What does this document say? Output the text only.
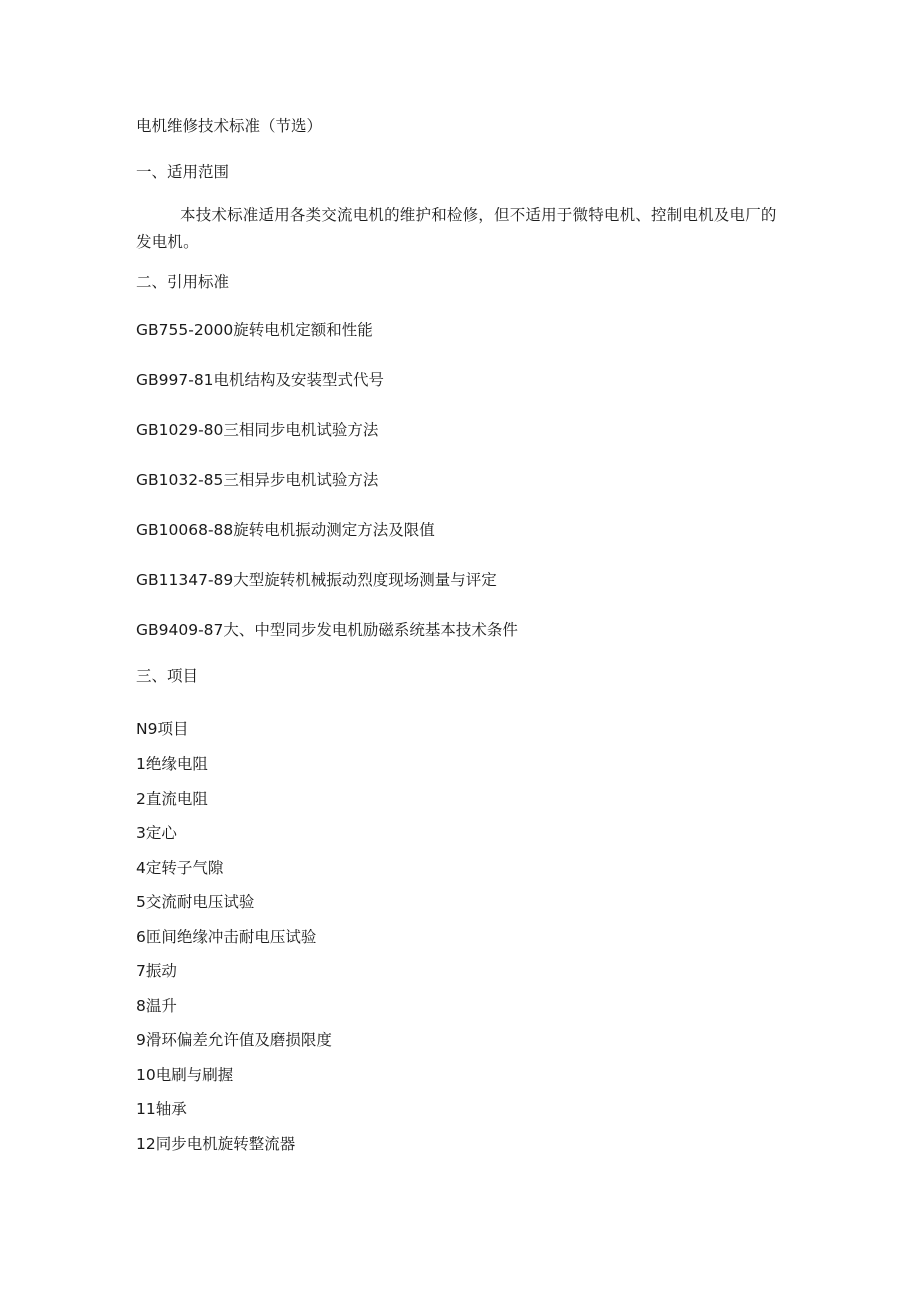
电机维修技术标准（节选）

一、适用范围

本技术标准适用各类交流电机的维护和检修，但不适用于微特电机、控制电机及电厂的发电机。

二、引用标准

GB755-2000旋转电机定额和性能

GB997-81电机结构及安装型式代号

GB1029-80三相同步电机试验方法

GB1032-85三相异步电机试验方法

GB10068-88旋转电机振动测定方法及限值

GB11347-89大型旋转机械振动烈度现场测量与评定

GB9409-87大、中型同步发电机励磁系统基本技术条件

三、项目

N9项目

1绝缘电阻

2直流电阻

3定心

4定转子气隙

5交流耐电压试验

6匝间绝缘冲击耐电压试验

7振动

8温升

9滑环偏差允许值及磨损限度

10电刷与刷握

11轴承

12同步电机旋转整流器
